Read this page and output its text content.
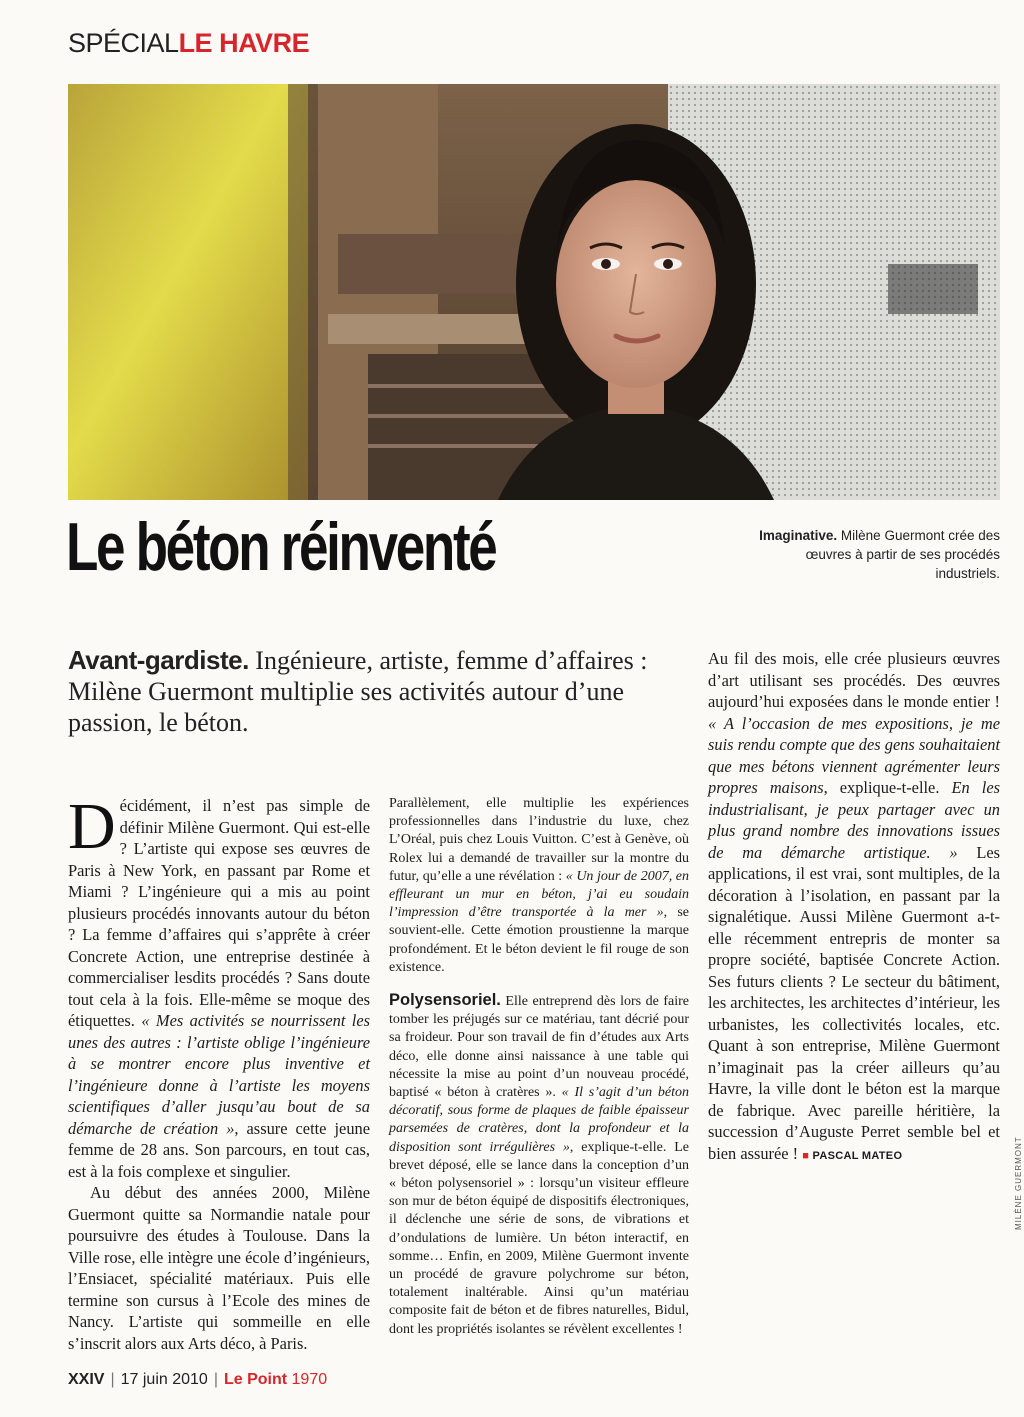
SPÉCIALLE HAVRE
Le béton réinventé	Imaginative. Milène Guermont crée des œuvres à partir de ses procédés industriels.
Avant-gardiste. Ingénieure, artiste, femme d’affaires : Milène Guermont multiplie ses activités autour d’une passion, le béton.

Décidément, il n’est pas simple de définir Milène Guermont. Qui est-elle ? L’artiste qui expose ses œuvres de Paris à New York, en passant par Rome et Miami ? L’ingénieure qui a mis au point plusieurs procédés innovants autour du béton ? La femme d’affaires qui s’apprête à créer Concrete Action, une entreprise destinée à commercialiser lesdits procédés ? Sans doute tout cela à la fois. Elle-même se moque des étiquettes. « Mes activités se nourrissent les unes des autres : l’artiste oblige l’ingénieure à se montrer encore plus inventive et l’ingénieure donne à l’artiste les moyens scientifiques d’aller jusqu’au bout de sa démarche de création », assure cette jeune femme de 28 ans. Son parcours, en tout cas, est à la fois complexe et singulier.

Au début des années 2000, Milène Guermont quitte sa Normandie natale pour poursuivre des études à Toulouse. Dans la Ville rose, elle intègre une école d’ingénieurs, l’Ensiacet, spécialité matériaux. Puis elle termine son cursus à l’Ecole des mines de Nancy. L’artiste qui sommeille en elle s’inscrit alors aux Arts déco, à Paris.

Parallèlement, elle multiplie les expériences professionnelles dans l’industrie du luxe, chez L’Oréal, puis chez Louis Vuitton. C’est à Genève, où Rolex lui a demandé de travailler sur la montre du futur, qu’elle a une révélation : « Un jour de 2007, en effleurant un mur en béton, j’ai eu soudain l’impression d’être transportée à la mer », se souvient-elle. Cette émotion proustienne la marque profondément. Et le béton devient le fil rouge de son existence.

Polysensoriel. Elle entreprend dès lors de faire tomber les préjugés sur ce matériau, tant décrié pour sa froideur. Pour son travail de fin d’études aux Arts déco, elle donne ainsi naissance à une table qui nécessite la mise au point d’un nouveau procédé, baptisé « béton à cratères ». « Il s’agit d’un béton décoratif, sous forme de plaques de faible épaisseur parsemées de cratères, dont la profondeur et la disposition sont irrégulières », explique-t-elle. Le brevet déposé, elle se lance dans la conception d’un « béton polysensoriel » : lorsqu’un visiteur effleure son mur de béton équipé de dispositifs électroniques, il déclenche une série de sons, de vibrations et d’ondulations de lumière. Un béton interactif, en somme… Enfin, en 2009, Milène Guermont invente un procédé de gravure polychrome sur béton, totalement inaltérable. Ainsi qu’un matériau composite fait de béton et de fibres naturelles, Bidul, dont les propriétés isolantes se révèlent excellentes !

Au fil des mois, elle crée plusieurs œuvres d’art utilisant ses procédés. Des œuvres aujourd’hui exposées dans le monde entier ! « A l’occasion de mes expositions, je me suis rendu compte que des gens souhaitaient que mes bétons viennent agrémenter leurs propres maisons, explique-t-elle. En les industrialisant, je peux partager avec un plus grand nombre des innovations issues de ma démarche artistique. » Les applications, il est vrai, sont multiples, de la décoration à l’isolation, en passant par la signalétique. Aussi Milène Guermont a-t-elle récemment entrepris de monter sa propre société, baptisée Concrete Action. Ses futurs clients ? Le secteur du bâtiment, les architectes, les architectes d’intérieur, les urbanistes, les collectivités locales, etc. Quant à son entreprise, Milène Guermont n’imaginait pas la créer ailleurs qu’au Havre, la ville dont le béton est la marque de fabrique. Avec pareille héritière, la succession d’Auguste Perret semble bel et bien assurée ! ■ PASCAL MATEO

XXIV | 17 juin 2010 | Le Point 1970
MILÈNE GUERMONT
